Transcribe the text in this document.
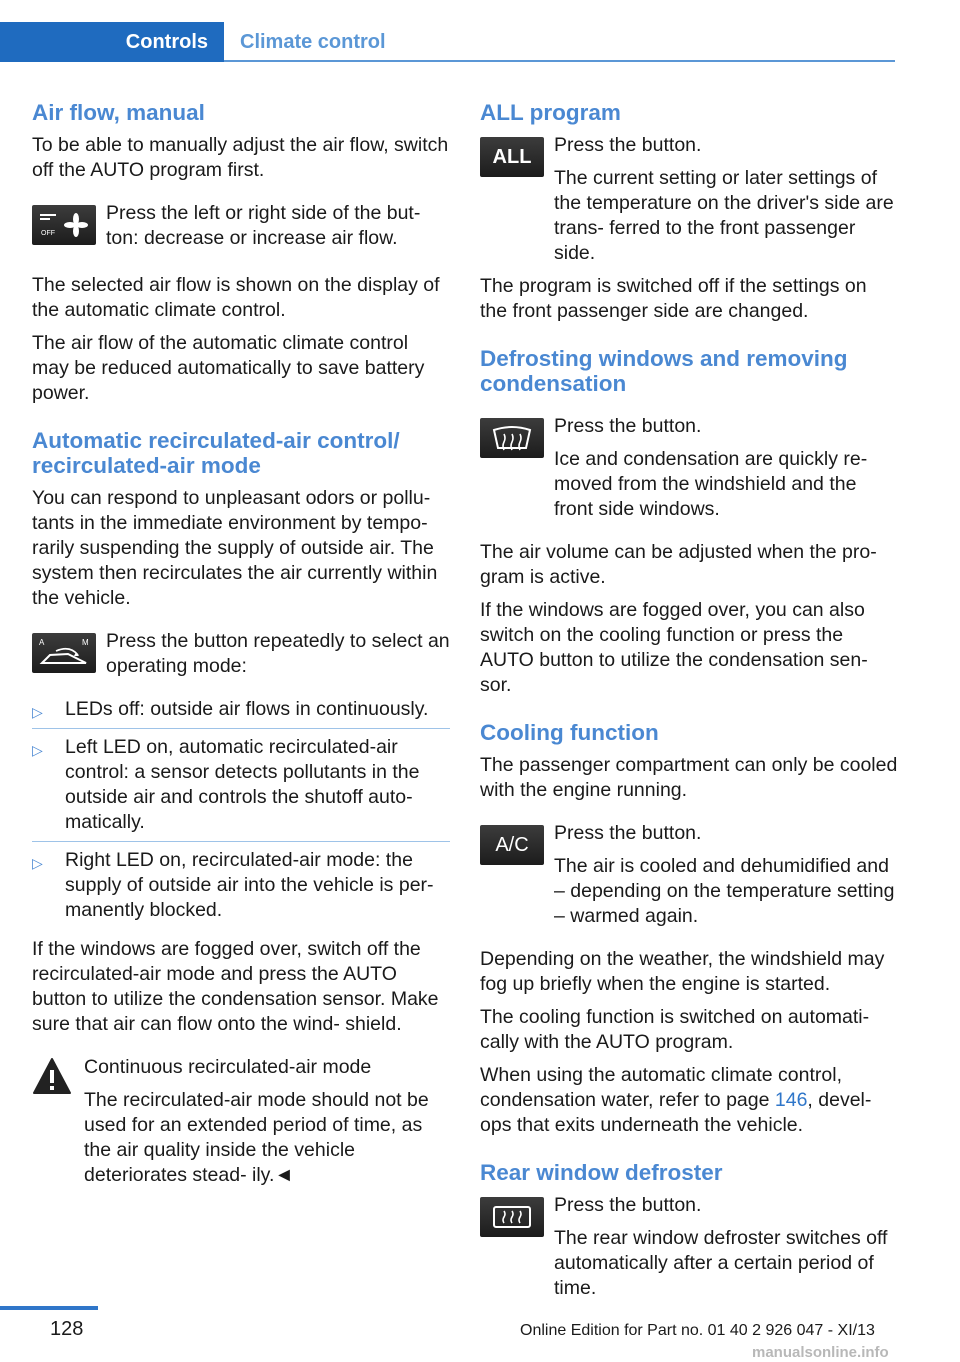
Controls	Climate control
Air flow, manual

To be able to manually adjust the air flow, switch off the AUTO program first.

OFF

Press the left or right side of the but- ton: decrease or increase air flow.

The selected air flow is shown on the display of the automatic climate control.

The air flow of the automatic climate control may be reduced automatically to save battery power.

Automatic recirculated-air control/ recirculated-air mode

You can respond to unpleasant odors or pollu- tants in the immediate environment by tempo- rarily suspending the supply of outside air. The system then recirculates the air currently within the vehicle.

A	M Press the button repeatedly to select an operating mode:

▷ LEDs off: outside air flows in continuously.
▷ Left LED on, automatic recirculated-air control: a sensor detects pollutants in the outside air and controls the shutoff auto- matically.
▷ Right LED on, recirculated-air mode: the supply of outside air into the vehicle is per- manently blocked.

If the windows are fogged over, switch off the recirculated-air mode and press the AUTO button to utilize the condensation sensor. Make sure that air can flow onto the wind- shield.

Continuous recirculated-air mode

The recirculated-air mode should not be used for an extended period of time, as the air quality inside the vehicle deteriorates stead- ily.◄

ALL program
ALL

Press the button.

The current setting or later settings of the temperature on the driver's side are trans- ferred to the front passenger side.

The program is switched off if the settings on the front passenger side are changed.

Defrosting windows and removing condensation

Press the button.

Ice and condensation are quickly re- moved from the windshield and the front side windows.

The air volume can be adjusted when the pro- gram is active.

If the windows are fogged over, you can also switch on the cooling function or press the AUTO button to utilize the condensation sen- sor.

Cooling function

The passenger compartment can only be cooled with the engine running.

A/C

Press the button.

The air is cooled and dehumidified and – depending on the temperature setting – warmed again.

Depending on the weather, the windshield may fog up briefly when the engine is started.

The cooling function is switched on automati- cally with the AUTO program.

When using the automatic climate control, condensation water, refer to page 146, devel- ops that exits underneath the vehicle.

Rear window defroster

Press the button.

The rear window defroster switches off automatically after a certain period of time.

128	Online Edition for Part no. 01 40 2 926 047 - XI/13
manualsonline.info
